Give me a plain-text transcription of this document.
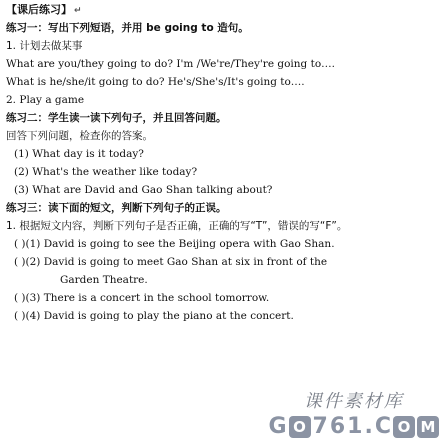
【课后练习】 ↵
练习一：写出下列短语，并用 be going to 造句。
1. 计划去做某事
What are you/they going to do? I'm /We're/They're going to….
What is he/she/it going to do? He's/She's/It's going to….
2. Play a game
练习二：学生读一读下列句子，并且回答问题。
回答下列问题，检查你的答案。
(1) What day is it today?
(2) What's the weather like today?
(3) What are David and Gao Shan talking about?
练习三：读下面的短文，判断下列句子的正误。
1. 根据短文内容，判断下列句子是否正确，正确的写“T”，错误的写“F”。
( )(1) David is going to see the Beijing opera with Gao Shan.
( )(2) David is going to meet Gao Shan at six in front of the
Garden Theatre.
( )(3) There is a concert in the school tomorrow.
( )(4) David is going to play the piano at the concert.
课件素材库
G O 7 6 1 . C O M
